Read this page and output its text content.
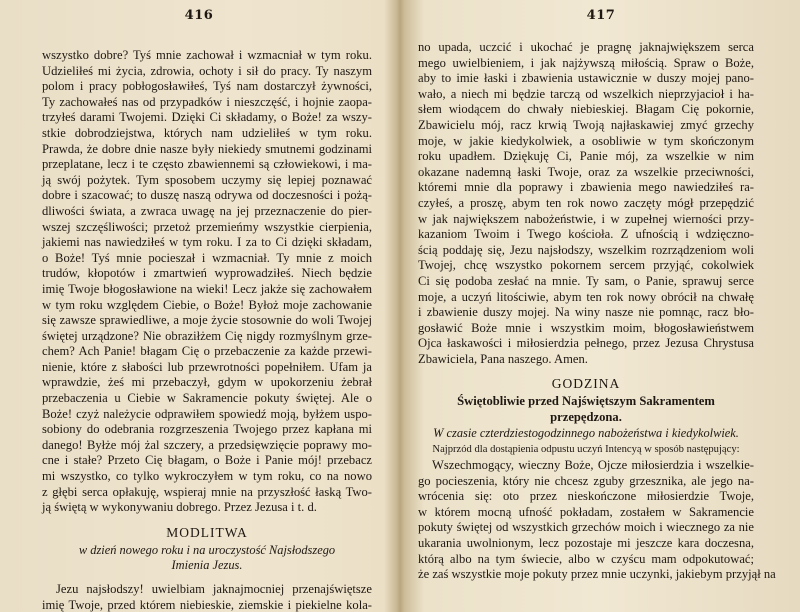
416
wszystko dobre? Tyś mnie zachował i wzmacniał w tym roku.
Udzieliłeś mi życia, zdrowia, ochoty i sił do pracy. Ty naszym
polom i pracy pobłogosławiłeś, Tyś nam dostarczył żywności,
Ty zachowałeś nas od przypadków i nieszczęść, i hojnie zaopa-
trzyłeś darami Twojemi. Dzięki Ci składamy, o Boże! za wszy-
stkie dobrodziejstwa, których nam udzieliłeś w tym roku.
Prawda, że dobre dnie nasze były niekiedy smutnemi godzinami
przeplatane, lecz i te często zbawiennemi są człowiekowi, i ma-
ją swój pożytek. Tym sposobem uczymy się lepiej poznawać
dobre i szacować; to duszę naszą odrywa od doczesności i pożą-
dliwości świata, a zwraca uwagę na jej przeznaczenie do pier-
wszej szczęśliwości; przetoż przemieńmy wszystkie cierpienia,
jakiemi nas nawiedziłeś w tym roku. I za to Ci dzięki składam,
o Boże! Tyś mnie pocieszał i wzmacniał. Ty mnie z moich
trudów, kłopotów i zmartwień wyprowadziłeś. Niech będzie
imię Twoje błogosławione na wieki! Lecz jakże się zachowałem
w tym roku względem Ciebie, o Boże! Byłoż moje zachowanie
się zawsze sprawiedliwe, a moje życie stosownie do woli Twojej
świętej urządzone? Nie obraziłżem Cię nigdy rozmyślnym grze-
chem? Ach Panie! błagam Cię o przebaczenie za każde przewi-
nienie, które z słabości lub przewrotności popełniłem. Ufam ja
wprawdzie, żeś mi przebaczył, gdym w upokorzeniu żebrał
przebaczenia u Ciebie w Sakramencie pokuty świętej. Ale o
Boże! czyż należycie odprawiłem spowiedź moją, byłżem uspo-
sobiony do odebrania rozgrzeszenia Twojego przez kapłana mi
danego! Byłże mój żal szczery, a przedsięwzięcie poprawy mo-
cne i stałe? Przeto Cię błagam, o Boże i Panie mój! przebacz
mi wszystko, co tylko wykroczyłem w tym roku, co na nowo
z głębi serca opłakuję, wspieraj mnie na przyszłość łaską Two-
ją świętą w wykonywaniu dobrego. Przez Jezusa i t. d.
MODLITWA
w dzień nowego roku i na uroczystość Najsłodszego
Imienia Jezus.
Jezu najsłodszy! uwielbiam jaknajmocniej przenajświętsze
imię Twoje, przed którem niebieskie, ziemskie i piekielne kola-
417
no upada, uczcić i ukochać je pragnę jaknajwiększem serca
mego uwielbieniem, i jak najżywszą miłością. Spraw o Boże,
aby to imie łaski i zbawienia ustawicznie w duszy mojej pano-
wało, a niech mi będzie tarczą od wszelkich nieprzyjacioł i ha-
słem wiodącem do chwały niebieskiej. Błagam Cię pokornie,
Zbawicielu mój, racz krwią Twoją najłaskawiej zmyć grzechy
moje, w jakie kiedykolwiek, a osobliwie w tym skończonym
roku upadłem. Dziękuję Ci, Panie mój, za wszelkie w nim
okazane nademną łaski Twoje, oraz za wszelkie przeciwności,
któremi mnie dla poprawy i zbawienia mego nawiedziłeś ra-
czyłeś, a proszę, abym ten rok nowo zaczęty mógł przepędzić
w jak największem nabożeństwie, i w zupełnej wierności przy-
kazaniom Twoim i Twego kościoła. Z ufnością i wdzięczno-
ścią poddaję się, Jezu najsłodszy, wszelkim rozrządzeniom woli
Twojej, chcę wszystko pokornem sercem przyjąć, cokolwiek
Ci się podoba zesłać na mnie. Ty sam, o Panie, sprawuj serce
moje, a uczyń litościwie, abym ten rok nowy obrócił na chwałę
i zbawienie duszy mojej. Na winy nasze nie pomnąc, racz bło-
gosławić Boże mnie i wszystkim moim, błogosławieństwem
Ojca łaskawości i miłosierdzia pełnego, przez Jezusa Chrystusa
Zbawiciela, Pana naszego. Amen.
GODZINA
Świętobliwie przed Najświętszym Sakramentem
przepędzona.
W czasie czterdziestogodzinnego nabożeństwa i kiedykolwiek.
Najprzód dla dostąpienia odpustu uczyń Intencyą w sposób następujący:
Wszechmogący, wieczny Boże, Ojcze miłosierdzia i wszelkie-
go pocieszenia, który nie chcesz zguby grzesznika, ale jego na-
wrócenia się: oto przez nieskończone miłosierdzie Twoje,
w którem mocną ufność pokładam, zostałem w Sakramencie
pokuty świętej od wszystkich grzechów moich i wiecznego za nie
ukarania uwolnionym, lecz pozostaje mi jeszcze kara doczesna,
którą albo na tym świecie, albo w czyścu mam odpokutować;
że zaś wszystkie moje pokuty przez mnie uczynki, jakiebym przyjął na
